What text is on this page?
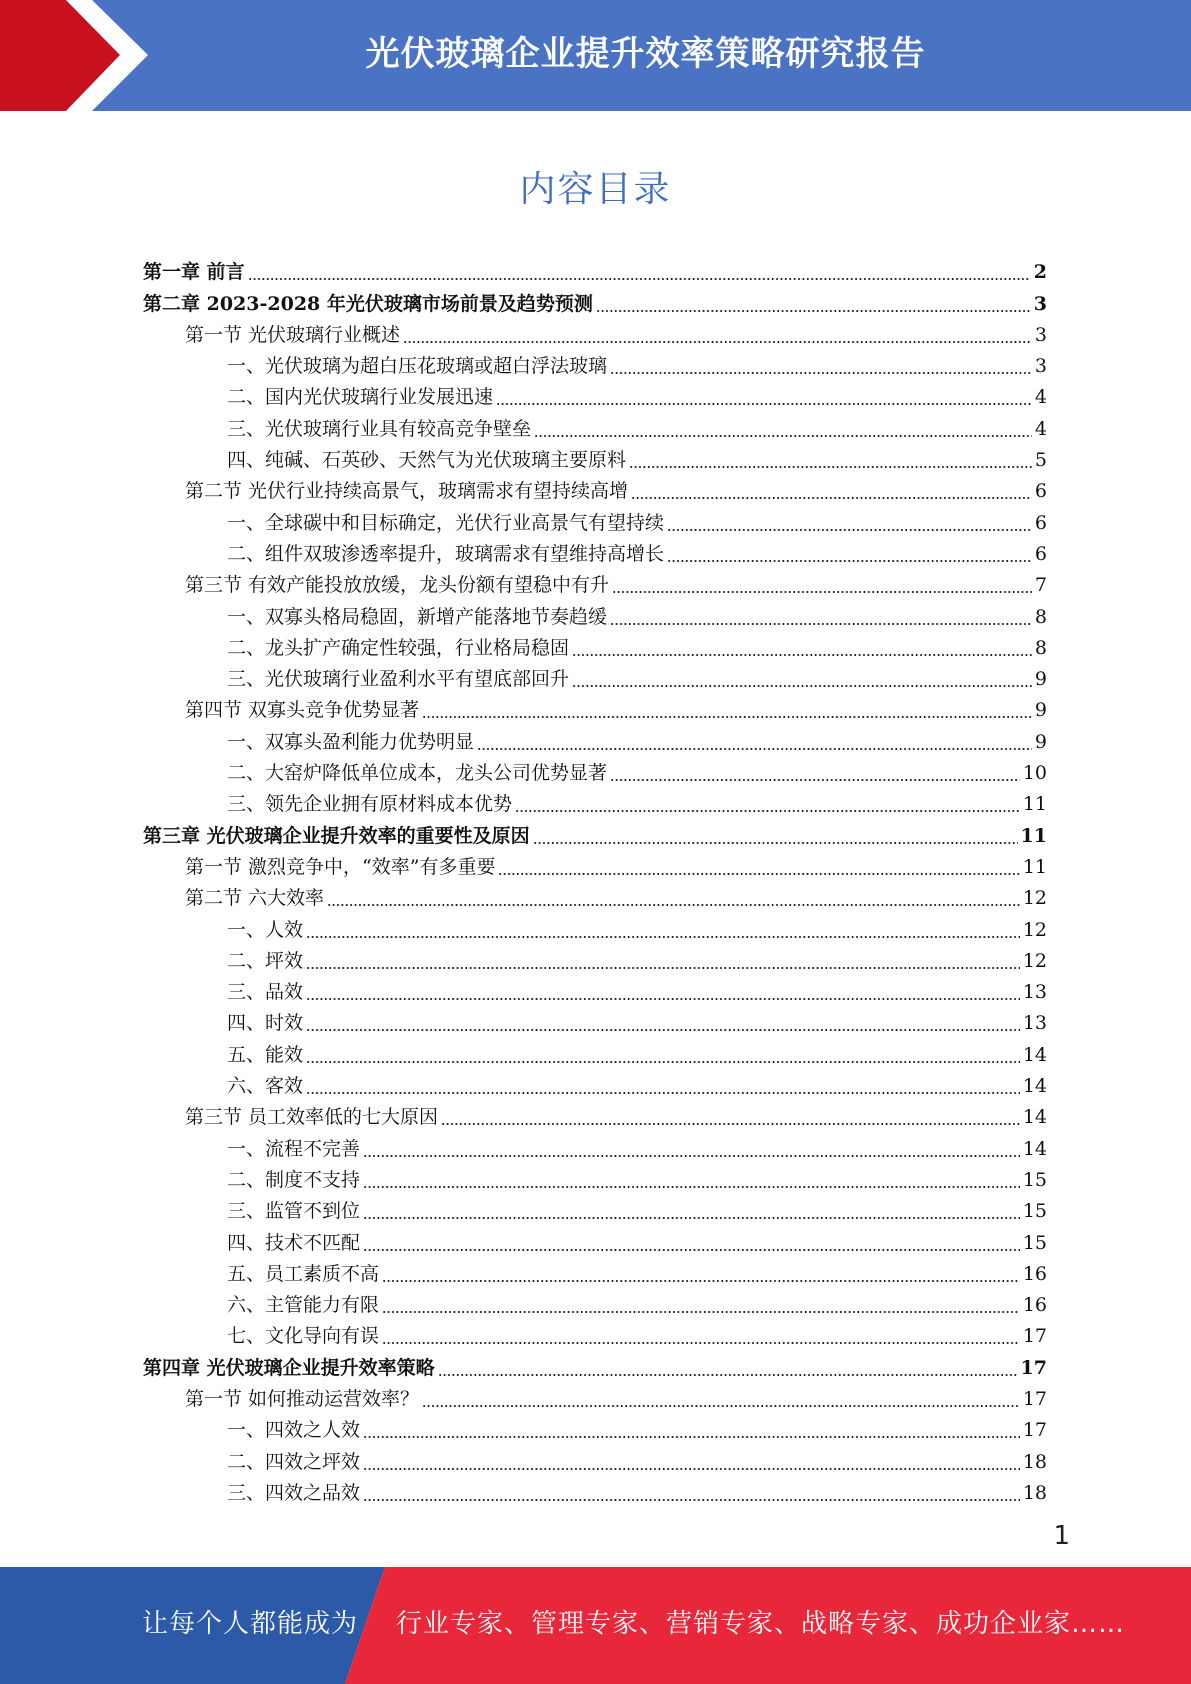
光伏玻璃企业提升效率策略研究报告
内容目录
第一章 前言	2
第二章 2023-2028 年光伏玻璃市场前景及趋势预测	3
第一节 光伏玻璃行业概述	3
一、光伏玻璃为超白压花玻璃或超白浮法玻璃	3
二、国内光伏玻璃行业发展迅速	4
三、光伏玻璃行业具有较高竞争壁垒	4
四、纯碱、石英砂、天然气为光伏玻璃主要原料	5
第二节 光伏行业持续高景气，玻璃需求有望持续高增	6
一、全球碳中和目标确定，光伏行业高景气有望持续	6
二、组件双玻渗透率提升，玻璃需求有望维持高增长	6
第三节 有效产能投放放缓，龙头份额有望稳中有升	7
一、双寡头格局稳固，新增产能落地节奏趋缓	8
二、龙头扩产确定性较强，行业格局稳固	8
三、光伏玻璃行业盈利水平有望底部回升	9
第四节 双寡头竞争优势显著	9
一、双寡头盈利能力优势明显	9
二、大窑炉降低单位成本，龙头公司优势显著	10
三、领先企业拥有原材料成本优势	11
第三章 光伏玻璃企业提升效率的重要性及原因	11
第一节 激烈竞争中，“效率”有多重要	11
第二节 六大效率	12
一、人效	12
二、坪效	12
三、品效	13
四、时效	13
五、能效	14
六、客效	14
第三节 员工效率低的七大原因	14
一、流程不完善	14
二、制度不支持	15
三、监管不到位	15
四、技术不匹配	15
五、员工素质不高	16
六、主管能力有限	16
七、文化导向有误	17
第四章 光伏玻璃企业提升效率策略	17
第一节 如何推动运营效率？	17
一、四效之人效	17
二、四效之坪效	18
三、四效之品效	18
1
让每个人都能成为 行业专家、管理专家、营销专家、战略专家、成功企业家……
